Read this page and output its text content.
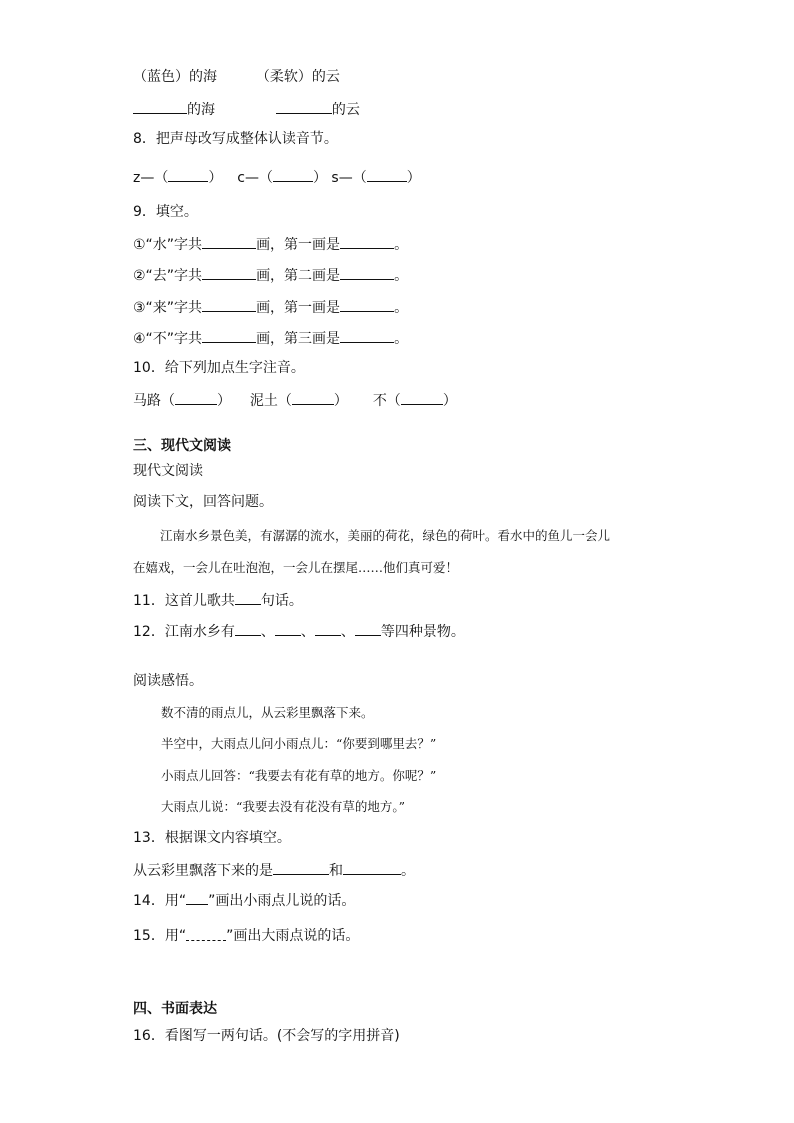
（蓝色）的海	（柔软）的云
的海	的云
8．把声母改写成整体认读音节。
z—（	） c—（	） s—（	）
9．填空。
①“水”字共	画，第一画是	。
②“去”字共	画，第二画是	。
③“来”字共	画，第一画是	。
④“不”字共	画，第三画是	。
10．给下列加点生字注音。
马路（	） 泥土（	） 不（	）
三、现代文阅读
现代文阅读
阅读下文，回答问题。
江南水乡景色美，有潺潺的流水，美丽的荷花，绿色的荷叶。看水中的鱼儿一会儿
在嬉戏，一会儿在吐泡泡，一会儿在摆尾……他们真可爱！
11．这首儿歌共 句话。
12．江南水乡有 、 、 、 等四种景物。
阅读感悟。
数不清的雨点儿，从云彩里飘落下来。
半空中，大雨点儿问小雨点儿：“你要到哪里去？”
小雨点儿回答：“我要去有花有草的地方。你呢？”
大雨点儿说：“我要去没有花没有草的地方。”
13．根据课文内容填空。
从云彩里飘落下来的是	和	。
14．用“ ”画出小雨点儿说的话。
15．用“	”画出大雨点说的话。
四、书面表达
16．看图写一两句话。(不会写的字用拼音)
